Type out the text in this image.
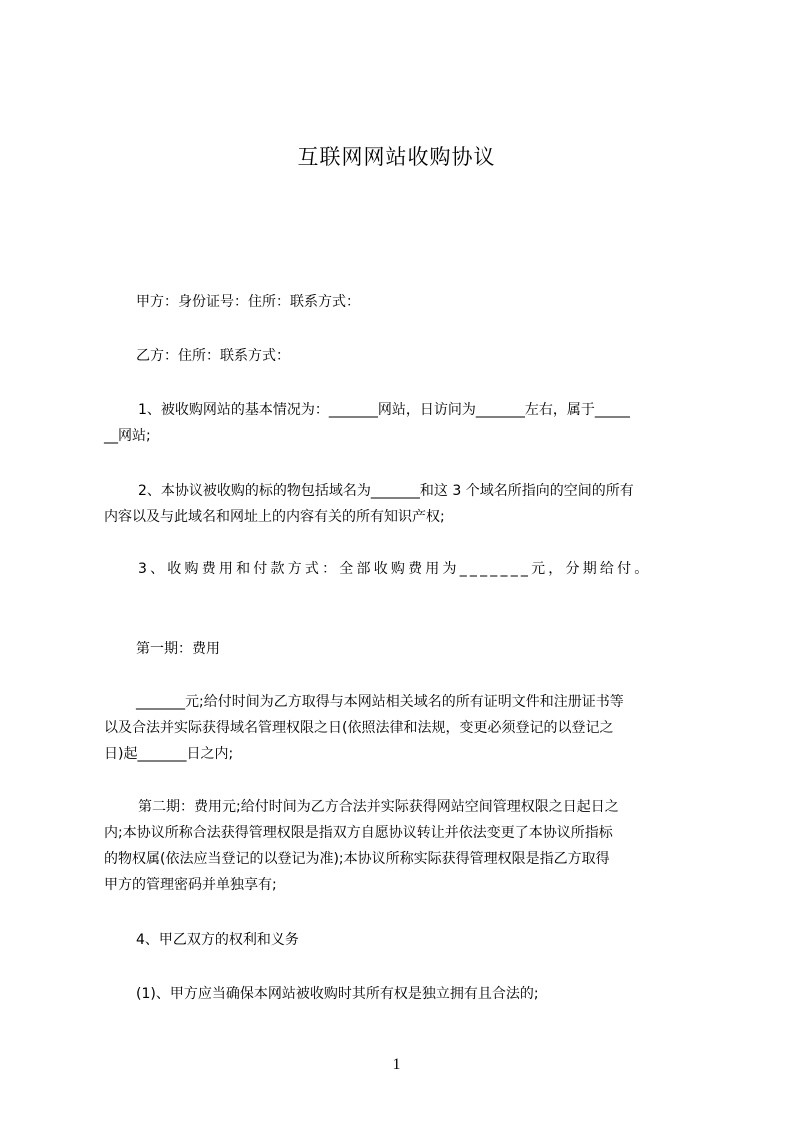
互联网网站收购协议
甲方：身份证号：住所：联系方式：
乙方：住所：联系方式：
1、被收购网站的基本情况为：_______网站，日访问为_______左右，属于_____
__网站;
2、本协议被收购的标的物包括域名为_______和这 3 个域名所指向的空间的所有
内容以及与此域名和网址上的内容有关的所有知识产权;
3、收购费用和付款方式：全部收购费用为_______元，分期给付。
第一期：费用
_______元;给付时间为乙方取得与本网站相关域名的所有证明文件和注册证书等
以及合法并实际获得域名管理权限之日(依照法律和法规，变更必须登记的以登记之
日)起_______日之内;
第二期：费用元;给付时间为乙方合法并实际获得网站空间管理权限之日起日之
内;本协议所称合法获得管理权限是指双方自愿协议转让并依法变更了本协议所指标
的物权属(依法应当登记的以登记为准);本协议所称实际获得管理权限是指乙方取得
甲方的管理密码并单独享有;
4、甲乙双方的权利和义务
(1)、甲方应当确保本网站被收购时其所有权是独立拥有且合法的;
1
